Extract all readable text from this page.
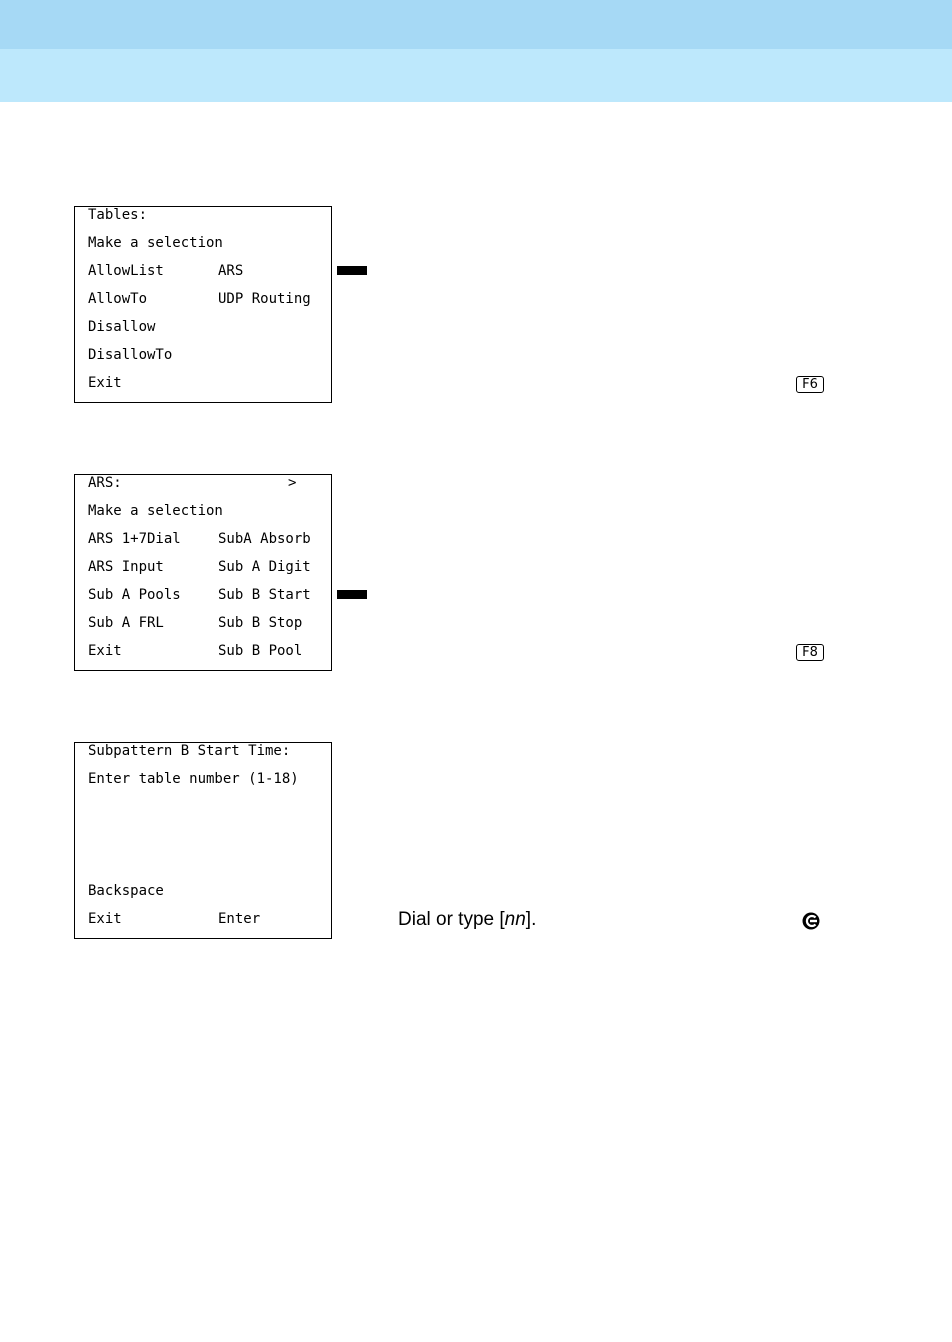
Tables:
Make a selection
AllowList	ARS
AllowTo	UDP Routing
Disallow
DisallowTo
Exit	F6
ARS:	>
Make a selection
ARS 1+7Dial	SubA Absorb
ARS Input	Sub A Digit
Sub A Pools	Sub B Start
Sub A FRL	Sub B Stop
Exit	Sub B Pool	F8
Subpattern B Start Time:
Enter table number (1-18)
Backspace
Exit	Enter	Dial or type [nn].
